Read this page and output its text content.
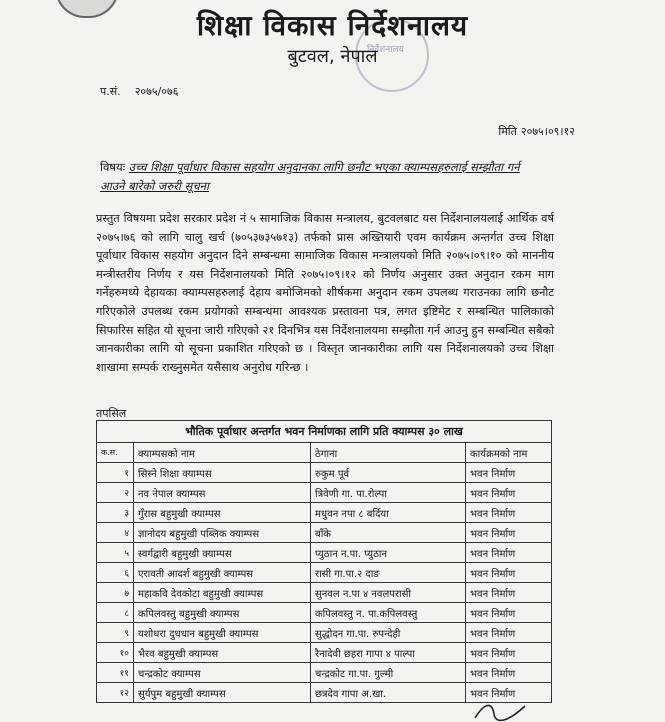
निर्देशनालय
शिक्षा विकास निर्देशनालय
बुटवल, नेपाल
प.सं. २०७५/०७६
मिति २०७५।०९।१२
विषयः उच्च शिक्षा पूर्वाधार विकास सहयोग अनुदानका लागि छनौट भएका क्याम्पसहरुलाई सम्झौता गर्न आउने बारेको जरुरी सूचना
प्रस्तुत विषयमा प्रदेश सरकार प्रदेश नं ५ सामाजिक विकास मन्त्रालय, बुटवलबाट यस निर्देशनालयलाई आर्थिक वर्ष २०७५।७६ को लागि चालु खर्च (७०५३७३५७१३) तर्फको प्रास अख्तियारी एवम कार्यक्रम अन्तर्गत उच्च शिक्षा पूर्वाधार विकास सहयोग अनुदान दिने सम्बन्धमा सामाजिक विकास मन्त्रालयको मिति २०७५।०९।१० को माननीय मन्त्रीस्तरीय निर्णय र यस निर्देशनालयको मिति २०७५।०९।१२ को निर्णय अनुसार उक्त अनुदान रकम माग गर्नेहरुमध्ये देहायका क्याम्पसहरुलाई देहाय बमोजिमको शीर्षकमा अनुदान रकम उपलब्ध गराउनका लागि छनौट गरिएकोले उपलब्ध रकम प्रयोगको सम्बन्धमा आवश्यक प्रस्तावना पत्र, लगत इष्टिमेट र सम्बन्धित पालिकाको सिफारिस सहित यो सूचना जारी गरिएको २१ दिनभित्र यस निर्देशनालयमा सम्झौता गर्न आउनु हुन सम्बन्धित सबैको जानकारीका लागि यो सूचना प्रकाशित गरिएको छ । विस्तृत जानकारीका लागि यस निर्देशनालयको उच्च शिक्षा शाखामा सम्पर्क राख्नुसमेत यसैसाथ अनुरोध गरिन्छ ।
तपसिल
भौतिक पूर्वाधार अन्तर्गत भवन निर्माणका लागि प्रति क्याम्पस ३० लाख			
क.स.	क्याम्पसको नाम	ठेगाना	कार्यक्रमको नाम
१	सिस्ने शिक्षा क्याम्पस	रुकुम पूर्व	भवन निर्माण
२	नव नेपाल क्याम्पस	त्रिवेणी गा. पा.रोल्पा	भवन निर्माण
३	गुँरास बहुमुखी क्याम्पस	मधुवन नपा ८ बर्दिया	भवन निर्माण
४	ज्ञानोदय बहुमुखी पब्लिक क्याम्पस	बाँके	भवन निर्माण
५	स्वर्गद्वारी बहुमुखी क्याम्पस	प्युठान न.पा. प्युठान	भवन निर्माण
६	एरावती आदर्श बहुमुखी क्याम्पस	रासी गा.पा.२ दाङ	भवन निर्माण
७	महाकवि देवकोटा बहुमुखी क्याम्पस	सुनवल न.पा ४ नवलपरासी	भवन निर्माण
८	कपिलवस्तु बहुमुखी क्याम्पस	कपिलवस्तु न. पा.कपिलवस्तु	भवन निर्माण
९	यशोधरा दुधधान बहुमुखी क्याम्पस	सुद्धोदन गा.पा. रुपन्देही	भवन निर्माण
१०	भैरव बहुमुखी क्याम्पस	रैनादेवी छहरा गापा ४ पाल्पा	भवन निर्माण
११	चन्द्रकोट क्याम्पस	चन्द्रकोट गा.पा. गुल्मी	भवन निर्माण
१२	सुर्यपुम बहुमुखी क्याम्पस	छत्रदेव गापा अ.खा.	भवन निर्माण
